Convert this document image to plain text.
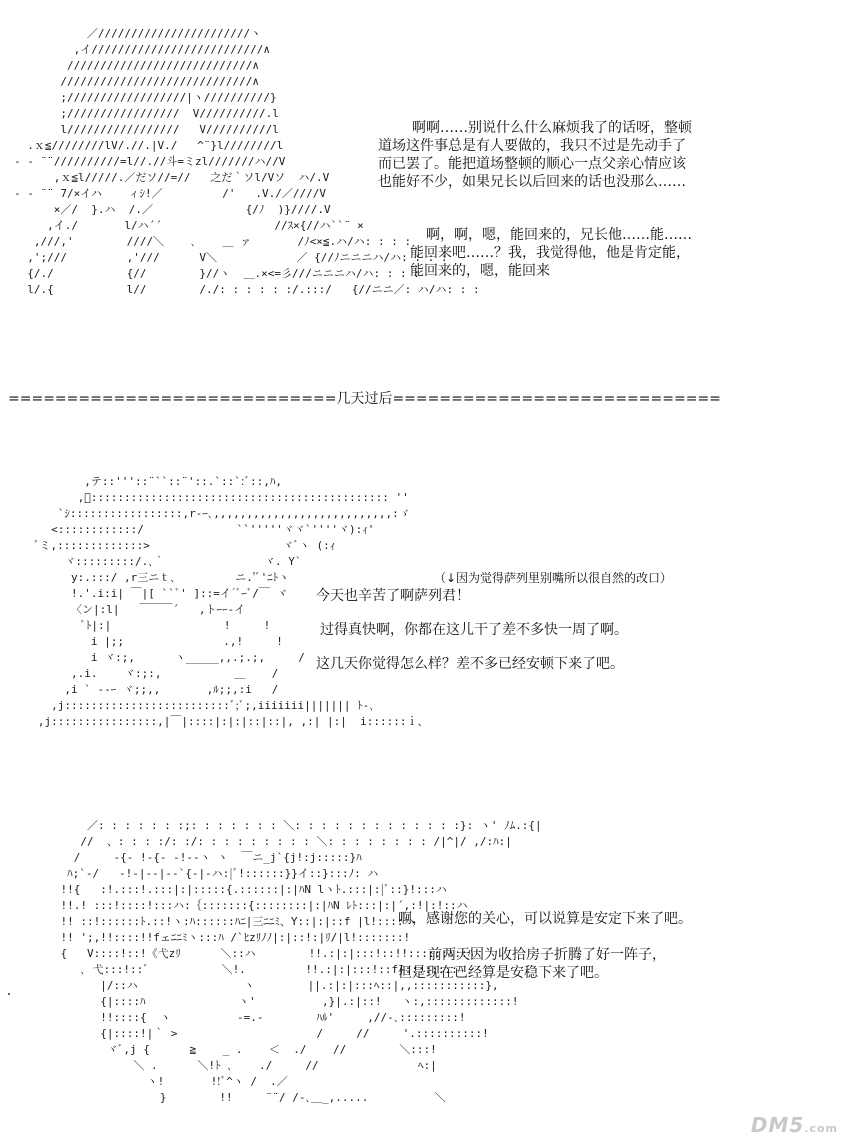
／///////////////////////ヽ
,イ//////////////////////////∧
////////////////////////////∧
/////////////////////////////∧
;//////////////////|ヽ//////////}
;/////////////////  V//////////.l
l/////////////////   V//////////l
.ｘ≦////////lV/.//.|V./   ^¨}l////////l
- ‐ ¨¨//////////=l//.//斗=ミzl///////ハ//V
,ｘ≦l/////.／だソ//=//   之だ｀ソl/Vソ  ハ/.V
- ‐ ¨¨ 7/×イハ    ィｼ!／         /'   .V./／////V
×／/  }.ハ  /.／              {/ﾉ  )}////.V
,イ./       l/ハ´´                 //ｽ×{//ハ``¨ ×
,///,'        ////＼    ､    ＿ ァ       /ﾉ<×≦.ハ/ハ: : : :
,';///         ,'///      V＼            ／ {//ﾉニニニハ/ハ: : : :
{/./           {//        }//ヽ  ＿.×<=彡///ニニニハ/ハ: : : :
l/.{           l//        /./: : : : : :/.:::/   {//ニニ／: ハ/ハ: : :
啊啊……别说什么什么麻烦我了的话呀，整顿
道场这件事总是有人要做的，我只不过是先动手了
而已罢了。能把道场整顿的顺心一点父亲心情应该
也能好不少，如果兄长以后回来的话也没那么……
啊，啊，嗯，能回来的，兄长他……能……
能回来吧……？我，我觉得他，他是肯定能，
能回来的，嗯，能回来
============================几天过后============================
,テ::'''::¨``::¨'::.`::`:ﾞ::,ﾊ,
,ﾞ::::::::::::::::::::::::::::::::::::::::::::: ''
`ｼ:::::::::::::::::,r‐ｰ､,,,,,,,,,,,,,,,,,,,,,,,,,,,:ゞ
<::::::::::::/              ``'''''ヾヾ`''''ヾ):ｨ'
ﾞミ,:::::::::::::>                    ヾﾞヽ (:ｨ
ヾ:::::::::/.､｀               ヾ. Y`
y:.:::/ ,r三ニｔ､         ニ.'ﾞ'ﾆﾄヽ
!.'.i:i| ￣|[ ``ﾞ' ]::=イ´ﾞｰﾞ/￣ ヾ
〈ン|:l|   ￣￣￣´   ,トｰｰ‐イ
ﾞﾄ|:|                 !     !
i |;;               .,!     !
i ヾ:;,      ヽ_____,,.;.;,     /
,.i.    ヾ:;:,           ＿    /
,i ` ‐‐ｰ ヾ;;,,       ,ﾙ;;,:i   /
,j:::::::::::::::::::::::::ﾞ;ﾞ;,iiiiiii||||||| ﾄ‐､
,j::::::::::::::::,|￣|::::|:|:|::|::|, ,:| |:|  i::::::ｉ、
（↓因为觉得萨列里别嘴所以很自然的改口）
今天也辛苦了啊萨列君！
过得真快啊，你都在这儿干了差不多快一周了啊。
这几天你觉得怎么样？差不多已经安顿下来了吧。
／: : : : : : :;: : : : : : : ＼: : : : : : : : : : : : :}: ヽ' ﾉﾑ.:{|
//  、: : : :/: :/: : : : : : : : : ＼: : : : : : : : /|^|/ ,/:ﾊ:|
/     ‐{‐ !‐{‐ -!-‐ヽ ヽ  ￣ニ_j`{j!:j:::::}ﾊ
ﾊ;`‐/   ‐!‐|‐‐|‐‐`{‐|‐ハ:|ﾞ!::::::}}イ::}:::ﾉ: ハ
!!{   :!.:::!.:::|:|:::::{.::::::|:|ﾊN lヽﾄ.:::|:|ﾞ::}!:::ハ
!!.! :::!::::!:::ハ:｛:::::::{::::::::|:|ﾊN ﾚﾄ:::|:|´,:!|:!::ハ
!! ::!::::::ﾄ.::!ヽ:ﾊ::::::ﾊﾆ|三ﾆﾆﾐ、Y::|:|::f |l!::::ハ
!! ';,!!::::!!fェﾆﾆﾐヽ:::ﾊ /`ﾋzﾘﾉﾉ|:|::!:|ﾘ/|l!:::::::!
{   V::::!::!《弋zﾘ      ＼::ハ        !!.:|:|:::!::!!:::::::::ﾊ
､ 弋:::!::ﾞ           ＼!.         !!.:|:|:::!::f}::::::::ﾊ
|/::ハ                ヽ        ||.:|:|:::ﾍ::|,,:::::::::::},
{|::::ﾊ              ヽ'          ,}|.:|::!   ヽ:,:::::::::::::!
!!::::{  ヽ          ‐=.‐        ﾊﾙ'     ,//‐､:::::::::!
{|::::!|｀ >                     /     //     '.::::::::::!
ヾﾞ,j {      ≧    _ .    ＜  ./    //        ＼:::!
＼ .      ＼!ﾄ ､    ./     //               ﾍ:|
ヽ!       !!ﾞ^ヽ /  .／
}        !!     ¨¨/ /-､＿_,.....          ＼
啊，感谢您的关心，可以说算是安定下来了吧。
前两天因为收拾房子折腾了好一阵子，
但是现在已经算是安稳下来了吧。
DM5.com
